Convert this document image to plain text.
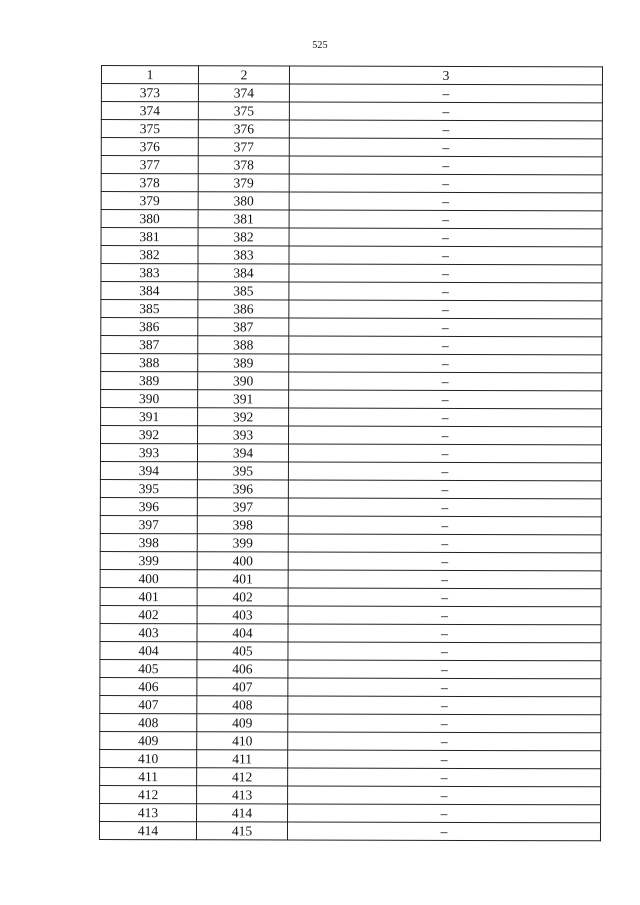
525
1	2	3
373	374	–
374	375	–
375	376	–
376	377	–
377	378	–
378	379	–
379	380	–
380	381	–
381	382	–
382	383	–
383	384	–
384	385	–
385	386	–
386	387	–
387	388	–
388	389	–
389	390	–
390	391	–
391	392	–
392	393	–
393	394	–
394	395	–
395	396	–
396	397	–
397	398	–
398	399	–
399	400	–
400	401	–
401	402	–
402	403	–
403	404	–
404	405	–
405	406	–
406	407	–
407	408	–
408	409	–
409	410	–
410	411	–
411	412	–
412	413	–
413	414	–
414	415	–
